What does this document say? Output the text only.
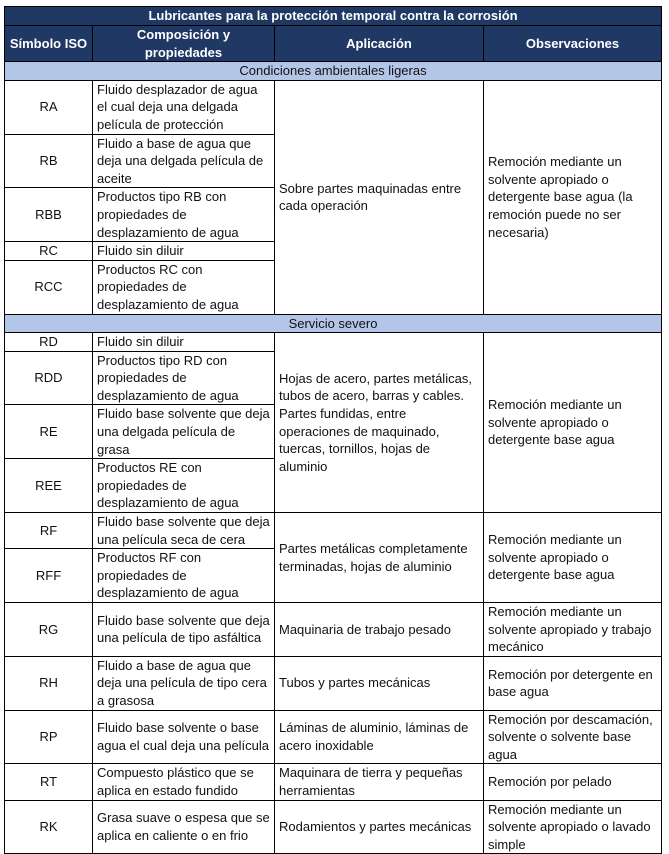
Lubricantes para la protección temporal contra la corrosión			
Símbolo ISO	Composición y propiedades	Aplicación	Observaciones
Condiciones ambientales ligeras			
RA	Fluido desplazador de agua el cual deja una delgada película de protección	Sobre partes maquinadas entre cada operación	Remoción mediante un solvente apropiado o detergente base agua (la remoción puede no ser necesaria)
RB	Fluido a base de agua que deja una delgada película de aceite		
RBB	Productos tipo RB con propiedades de desplazamiento de agua		
RC	Fluido sin diluir		
RCC	Productos RC con propiedades de desplazamiento de agua		
Servicio severo			
RD	Fluido sin diluir	Hojas de acero, partes metálicas, tubos de acero, barras y cables. Partes fundidas, entre operaciones de maquinado, tuercas, tornillos, hojas de aluminio	Remoción mediante un solvente apropiado o detergente base agua
RDD	Productos tipo RD con propiedades de desplazamiento de agua		
RE	Fluido base solvente que deja una delgada película de grasa		
REE	Productos RE con propiedades de desplazamiento de agua		
RF	Fluido base solvente que deja una película seca de cera	Partes metálicas completamente terminadas, hojas de aluminio	Remoción mediante un solvente apropiado o detergente base agua
RFF	Productos RF con propiedades de desplazamiento de agua		
RG	Fluido base solvente que deja una película de tipo asfáltica	Maquinaria de trabajo pesado	Remoción mediante un solvente apropiado y trabajo mecánico
RH	Fluido a base de agua que deja una película de tipo cera a grasosa	Tubos y partes mecánicas	Remoción por detergente en base agua
RP	Fluido base solvente o base agua el cual deja una película	Láminas de aluminio, láminas de acero inoxidable	Remoción por descamación, solvente o solvente base agua
RT	Compuesto plástico que se aplica en estado fundido	Maquinara de tierra y pequeñas herramientas	Remoción por pelado
RK	Grasa suave o espesa que se aplica en caliente o en frio	Rodamientos y partes mecánicas	Remoción mediante un solvente apropiado o lavado simple
